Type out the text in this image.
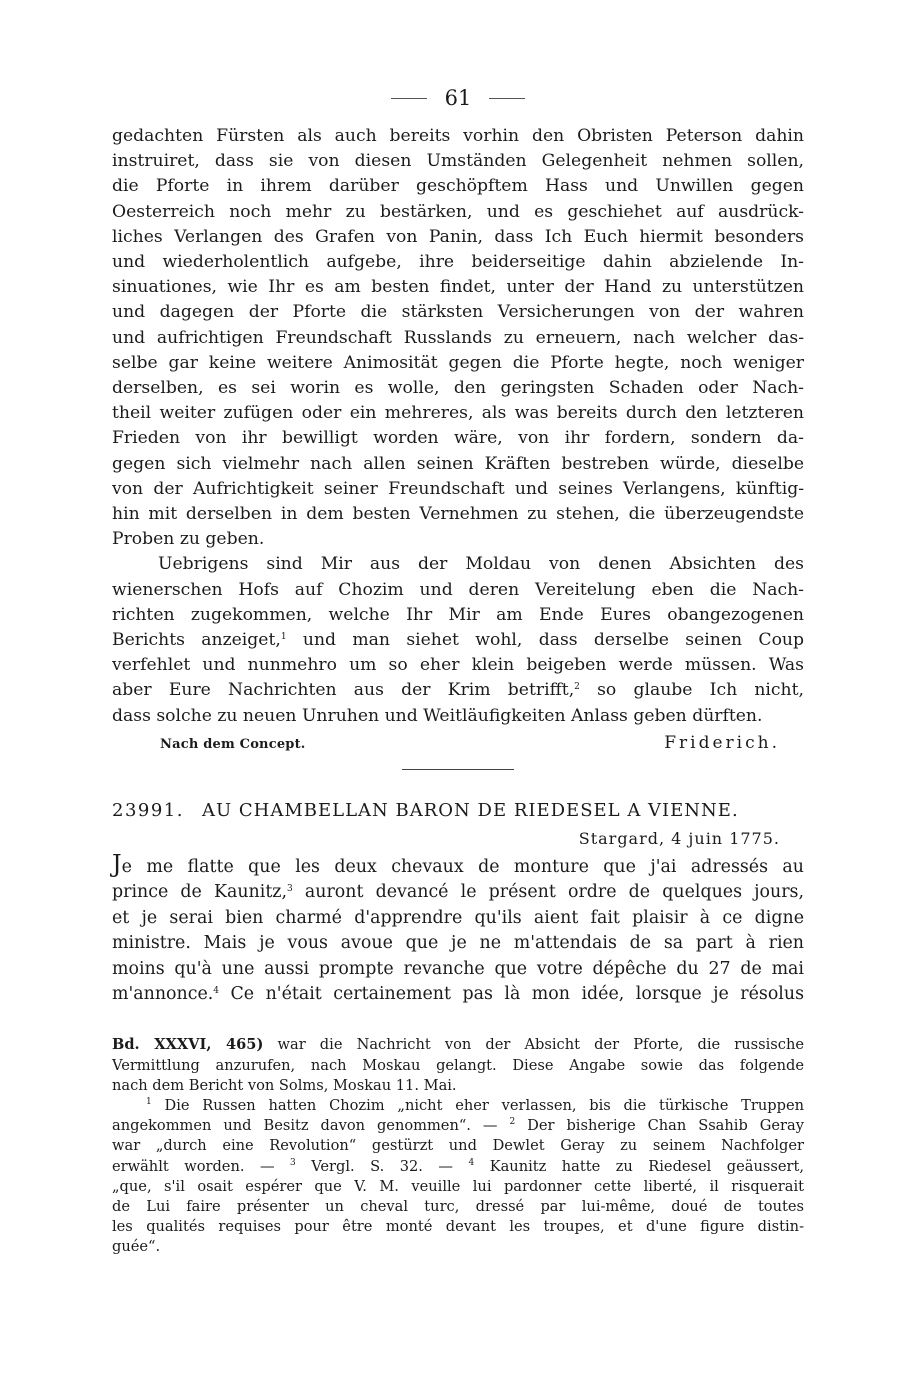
61
gedachten Fürsten als auch bereits vorhin den Obristen Peterson dahin
instruiret, dass sie von diesen Umständen Gelegenheit nehmen sollen,
die Pforte in ihrem darüber geschöpftem Hass und Unwillen gegen
Oesterreich noch mehr zu bestärken, und es geschiehet auf ausdrück-
liches Verlangen des Grafen von Panin, dass Ich Euch hiermit besonders
und wiederholentlich aufgebe, ihre beiderseitige dahin abzielende In-
sinuationes, wie Ihr es am besten findet, unter der Hand zu unterstützen
und dagegen der Pforte die stärksten Versicherungen von der wahren
und aufrichtigen Freundschaft Russlands zu erneuern, nach welcher das-
selbe gar keine weitere Animosität gegen die Pforte hegte, noch weniger
derselben, es sei worin es wolle, den geringsten Schaden oder Nach-
theil weiter zufügen oder ein mehreres, als was bereits durch den letzteren
Frieden von ihr bewilligt worden wäre, von ihr fordern, sondern da-
gegen sich vielmehr nach allen seinen Kräften bestreben würde, dieselbe
von der Aufrichtigkeit seiner Freundschaft und seines Verlangens, künftig-
hin mit derselben in dem besten Vernehmen zu stehen, die überzeugendste
Proben zu geben.
Uebrigens sind Mir aus der Moldau von denen Absichten des
wienerschen Hofs auf Chozim und deren Vereitelung eben die Nach-
richten zugekommen, welche Ihr Mir am Ende Eures obangezogenen
Berichts anzeiget,$^1$ und man siehet wohl, dass derselbe seinen Coup
verfehlet und nunmehro um so eher klein beigeben werde müssen. Was
aber Eure Nachrichten aus der Krim betrifft,$^2$ so glaube Ich nicht,
dass solche zu neuen Unruhen und Weitläufigkeiten Anlass geben dürften.
Nach dem Concept.	Friderich.
23991. AU CHAMBELLAN BARON DE RIEDESEL A VIENNE.
Stargard, 4 juin 1775.
Je me flatte que les deux chevaux de monture que j'ai adressés au
prince de Kaunitz,$^3$ auront devancé le présent ordre de quelques jours,
et je serai bien charmé d'apprendre qu'ils aient fait plaisir à ce digne
ministre. Mais je vous avoue que je ne m'attendais de sa part à rien
moins qu'à une aussi prompte revanche que votre dépêche du 27 de mai
m'annonce.$^4$ Ce n'était certainement pas là mon idée, lorsque je résolus
Bd. XXXVI, 465) war die Nachricht von der Absicht der Pforte, die russische
Vermittlung anzurufen, nach Moskau gelangt. Diese Angabe sowie das folgende
nach dem Bericht von Solms, Moskau 11. Mai.
$^1$ Die Russen hatten Chozim „nicht eher verlassen, bis die türkische Truppen
angekommen und Besitz davon genommen“. — $^2$ Der bisherige Chan Ssahib Geray
war „durch eine Revolution“ gestürzt und Dewlet Geray zu seinem Nachfolger
erwählt worden. — $^3$ Vergl. S. 32. — $^4$ Kaunitz hatte zu Riedesel geäussert,
„que, s'il osait espérer que V. M. veuille lui pardonner cette liberté, il risquerait
de Lui faire présenter un cheval turc, dressé par lui-même, doué de toutes
les qualités requises pour être monté devant les troupes, et d'une figure distin-
guée“.
